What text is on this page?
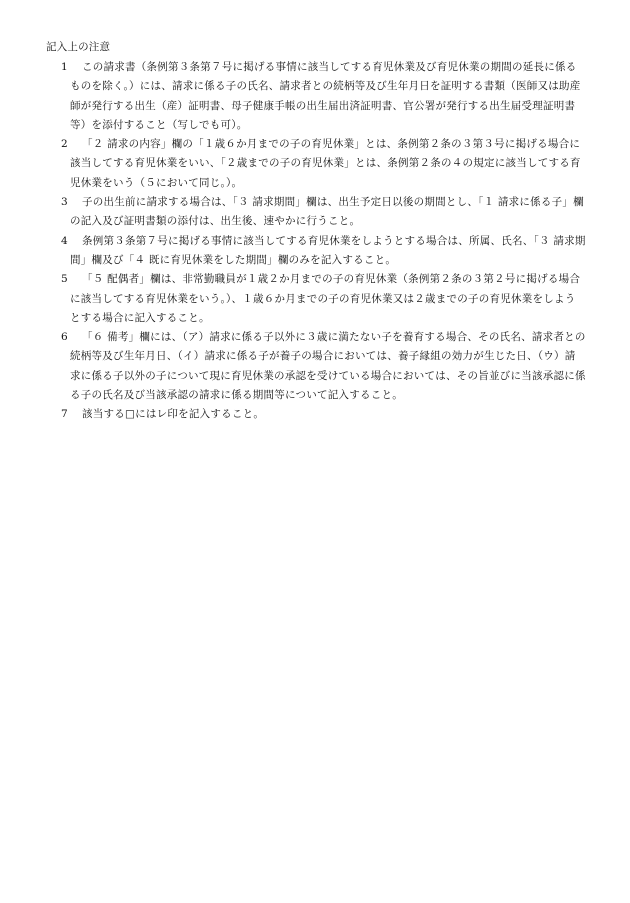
記入上の注意
1	この請求書（条例第３条第７号に掲げる事情に該当してする育児休業及び育児休業の期間の延長に係るものを除く。）には、請求に係る子の氏名、請求者との続柄等及び生年月日を証明する書類（医師又は助産師が発行する出生（産）証明書、母子健康手帳の出生届出済証明書、官公署が発行する出生届受理証明書等）を添付すること（写しでも可）。
2	「２ 請求の内容」欄の「１歳６か月までの子の育児休業」とは、条例第２条の３第３号に掲げる場合に該当してする育児休業をいい、「２歳までの子の育児休業」とは、条例第２条の４の規定に該当してする育児休業をいう（５において同じ。）。
3	子の出生前に請求する場合は、「３ 請求期間」欄は、出生予定日以後の期間とし、「１ 請求に係る子」欄の記入及び証明書類の添付は、出生後、速やかに行うこと。
4	条例第３条第７号に掲げる事情に該当してする育児休業をしようとする場合は、所属、氏名、「３ 請求期間」欄及び「４ 既に育児休業をした期間」欄のみを記入すること。
5	「５ 配偶者」欄は、非常勤職員が１歳２か月までの子の育児休業（条例第２条の３第２号に掲げる場合に該当してする育児休業をいう。）、１歳６か月までの子の育児休業又は２歳までの子の育児休業をしようとする場合に記入すること。
6	「６ 備考」欄には、（ア）請求に係る子以外に３歳に満たない子を養育する場合、その氏名、請求者との続柄等及び生年月日、（イ）請求に係る子が養子の場合においては、養子縁組の効力が生じた日、（ウ）請求に係る子以外の子について現に育児休業の承認を受けている場合においては、その旨並びに当該承認に係る子の氏名及び当該承認の請求に係る期間等について記入すること。
7	該当する□にはレ印を記入すること。
